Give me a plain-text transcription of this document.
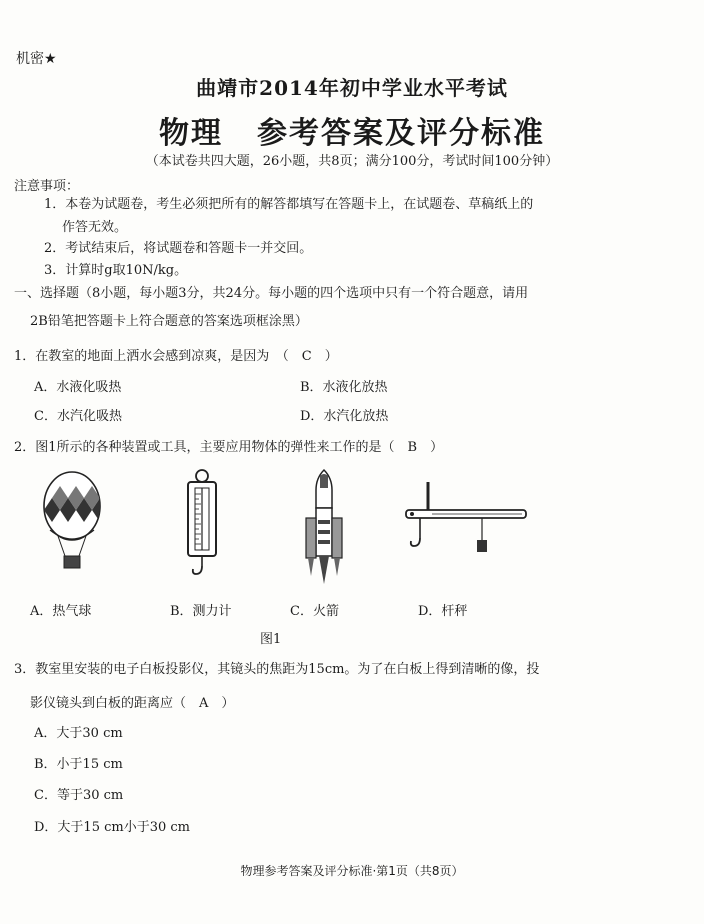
机密★
曲靖市2014年初中学业水平考试
物理 参考答案及评分标准
（本试卷共四大题，26小题，共8页；满分100分，考试时间100分钟）
注意事项：
1．本卷为试题卷，考生必须把所有的解答都填写在答题卡上，在试题卷、草稿纸上的
作答无效。
2．考试结束后，将试题卷和答题卡一并交回。
3．计算时g取10N/kg。
一、选择题（8小题，每小题3分，共24分。每小题的四个选项中只有一个符合题意，请用
2B铅笔把答题卡上符合题意的答案选项框涂黑）
1．在教室的地面上洒水会感到凉爽，是因为　（　C　）
A．水液化吸热	B．水液化放热
C．水汽化吸热	D．水汽化放热
2．图1所示的各种装置或工具，主要应用物体的弹性来工作的是（　B　）
A．热气球	B．测力计	C．火箭	D．杆秤
图1
3．教室里安装的电子白板投影仪，其镜头的焦距为15cm。为了在白板上得到清晰的像，投
影仪镜头到白板的距离应（　A　）
A．大于30 cm
B．小于15 cm
C．等于30 cm
D．大于15 cm小于30 cm
物理参考答案及评分标准·第1页（共8页）
